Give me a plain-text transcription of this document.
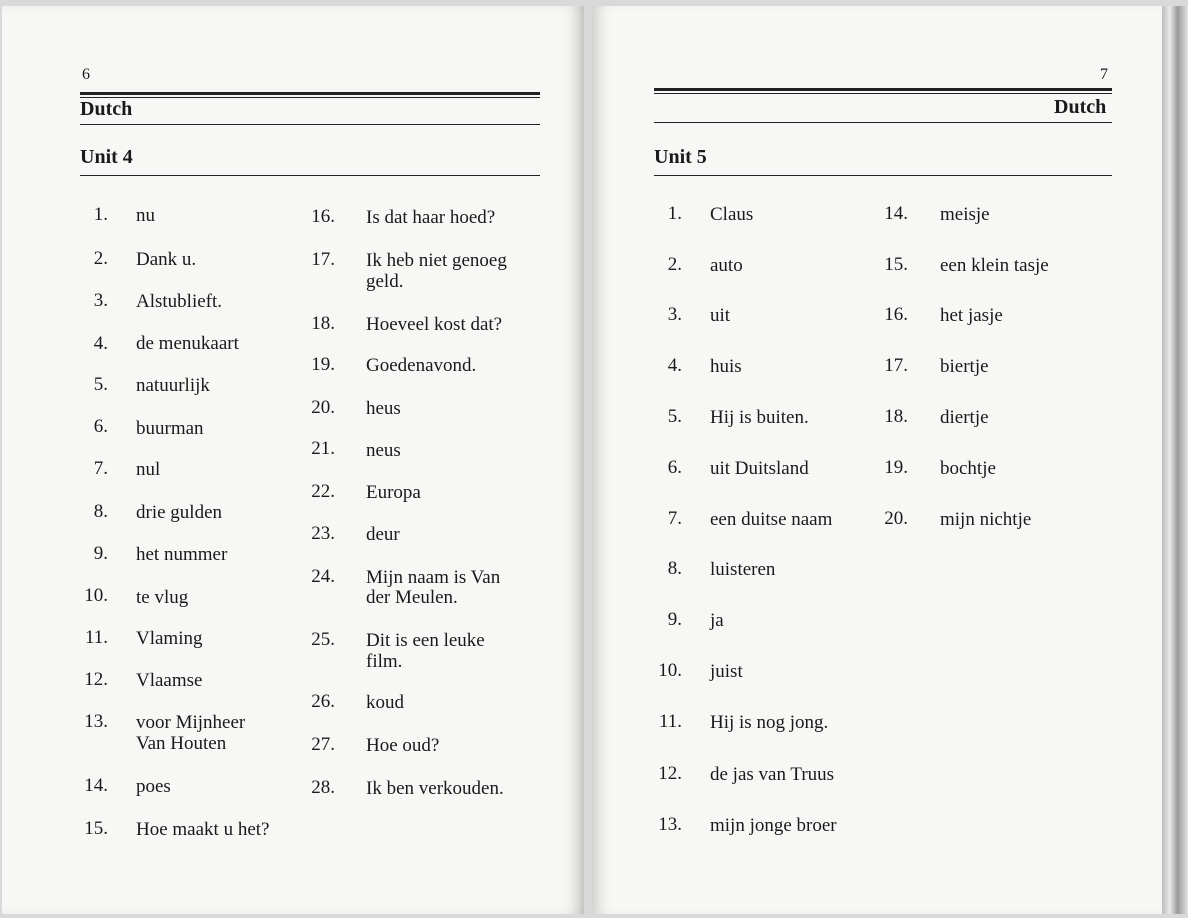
6
Dutch
Unit 4
1. nu
2. Dank u.
3. Alstublieft.
4. de menukaart
5. natuurlijk
6. buurman
7. nul
8. drie gulden
9. het nummer
10. te vlug
11. Vlaming
12. Vlaamse
13. voor Mijnheer
Van Houten
14. poes
15. Hoe maakt u het?
16. Is dat haar hoed?
17. Ik heb niet genoeg
geld.
18. Hoeveel kost dat?
19. Goedenavond.
20. heus
21. neus
22. Europa
23. deur
24. Mijn naam is Van
der Meulen.
25. Dit is een leuke
film.
26. koud
27. Hoe oud?
28. Ik ben verkouden.
7
Dutch
Unit 5
1. Claus
2. auto
3. uit
4. huis
5. Hij is buiten.
6. uit Duitsland
7. een duitse naam
8. luisteren
9. ja
10. juist
11. Hij is nog jong.
12. de jas van Truus
13. mijn jonge broer
14. meisje
15. een klein tasje
16. het jasje
17. biertje
18. diertje
19. bochtje
20. mijn nichtje
